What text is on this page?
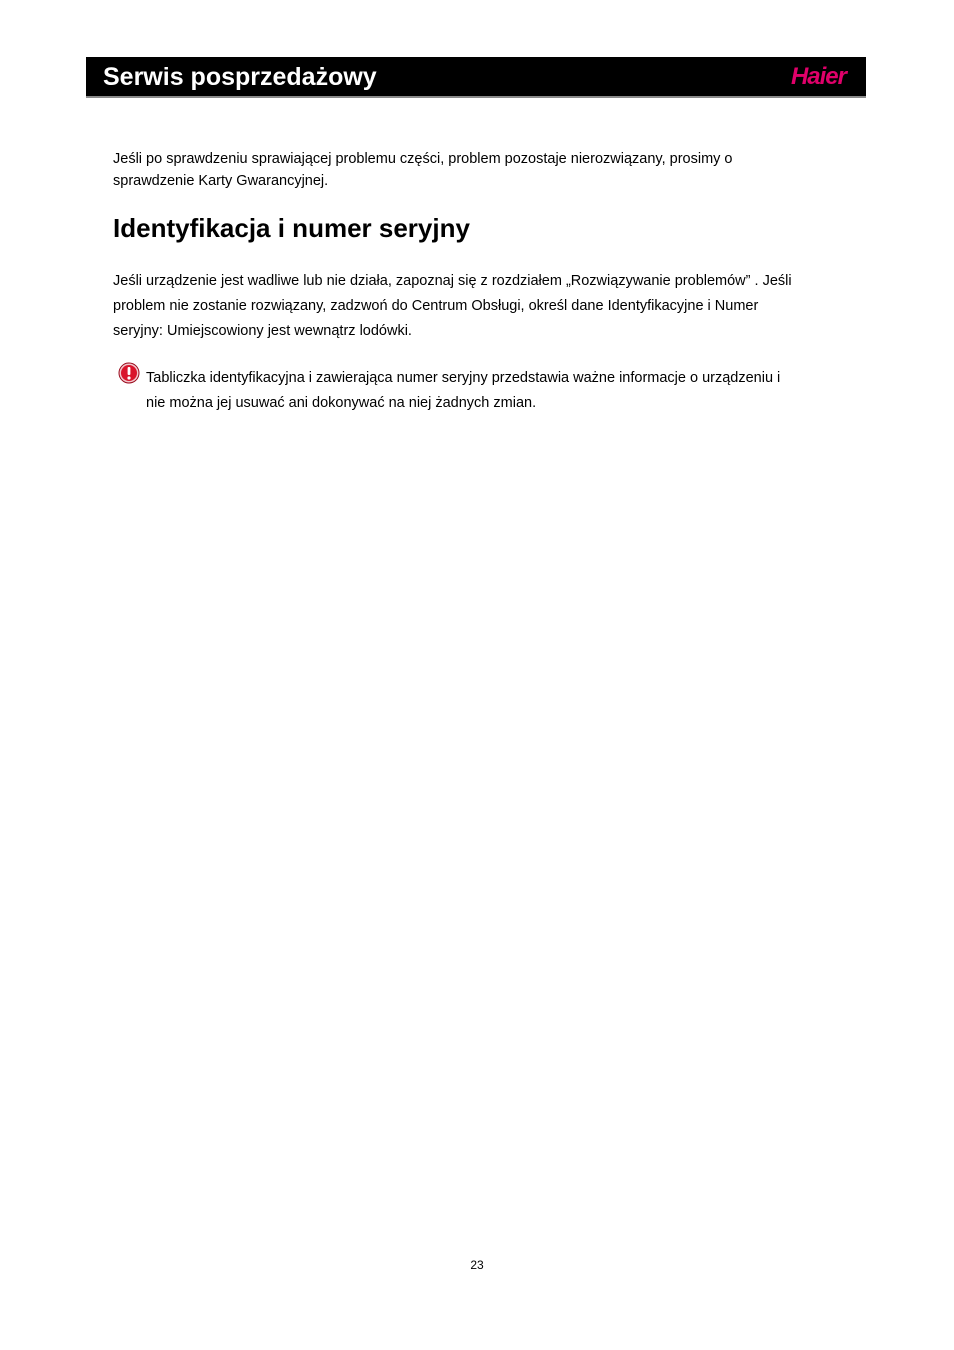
Serwis posprzedażowy	Haier
Jeśli po sprawdzeniu sprawiającej problemu części, problem pozostaje nierozwiązany, prosimy o
sprawdzenie Karty Gwarancyjnej.
Identyfikacja i numer seryjny
Jeśli urządzenie jest wadliwe lub nie działa, zapoznaj się z rozdziałem „Rozwiązywanie problemów” . Jeśli
problem nie zostanie rozwiązany, zadzwoń do Centrum Obsługi, określ dane Identyfikacyjne i Numer
seryjny: Umiejscowiony jest wewnątrz lodówki.
Tabliczka identyfikacyjna i zawierająca numer seryjny przedstawia ważne informacje o urządzeniu i
nie można jej usuwać ani dokonywać na niej żadnych zmian.
23
